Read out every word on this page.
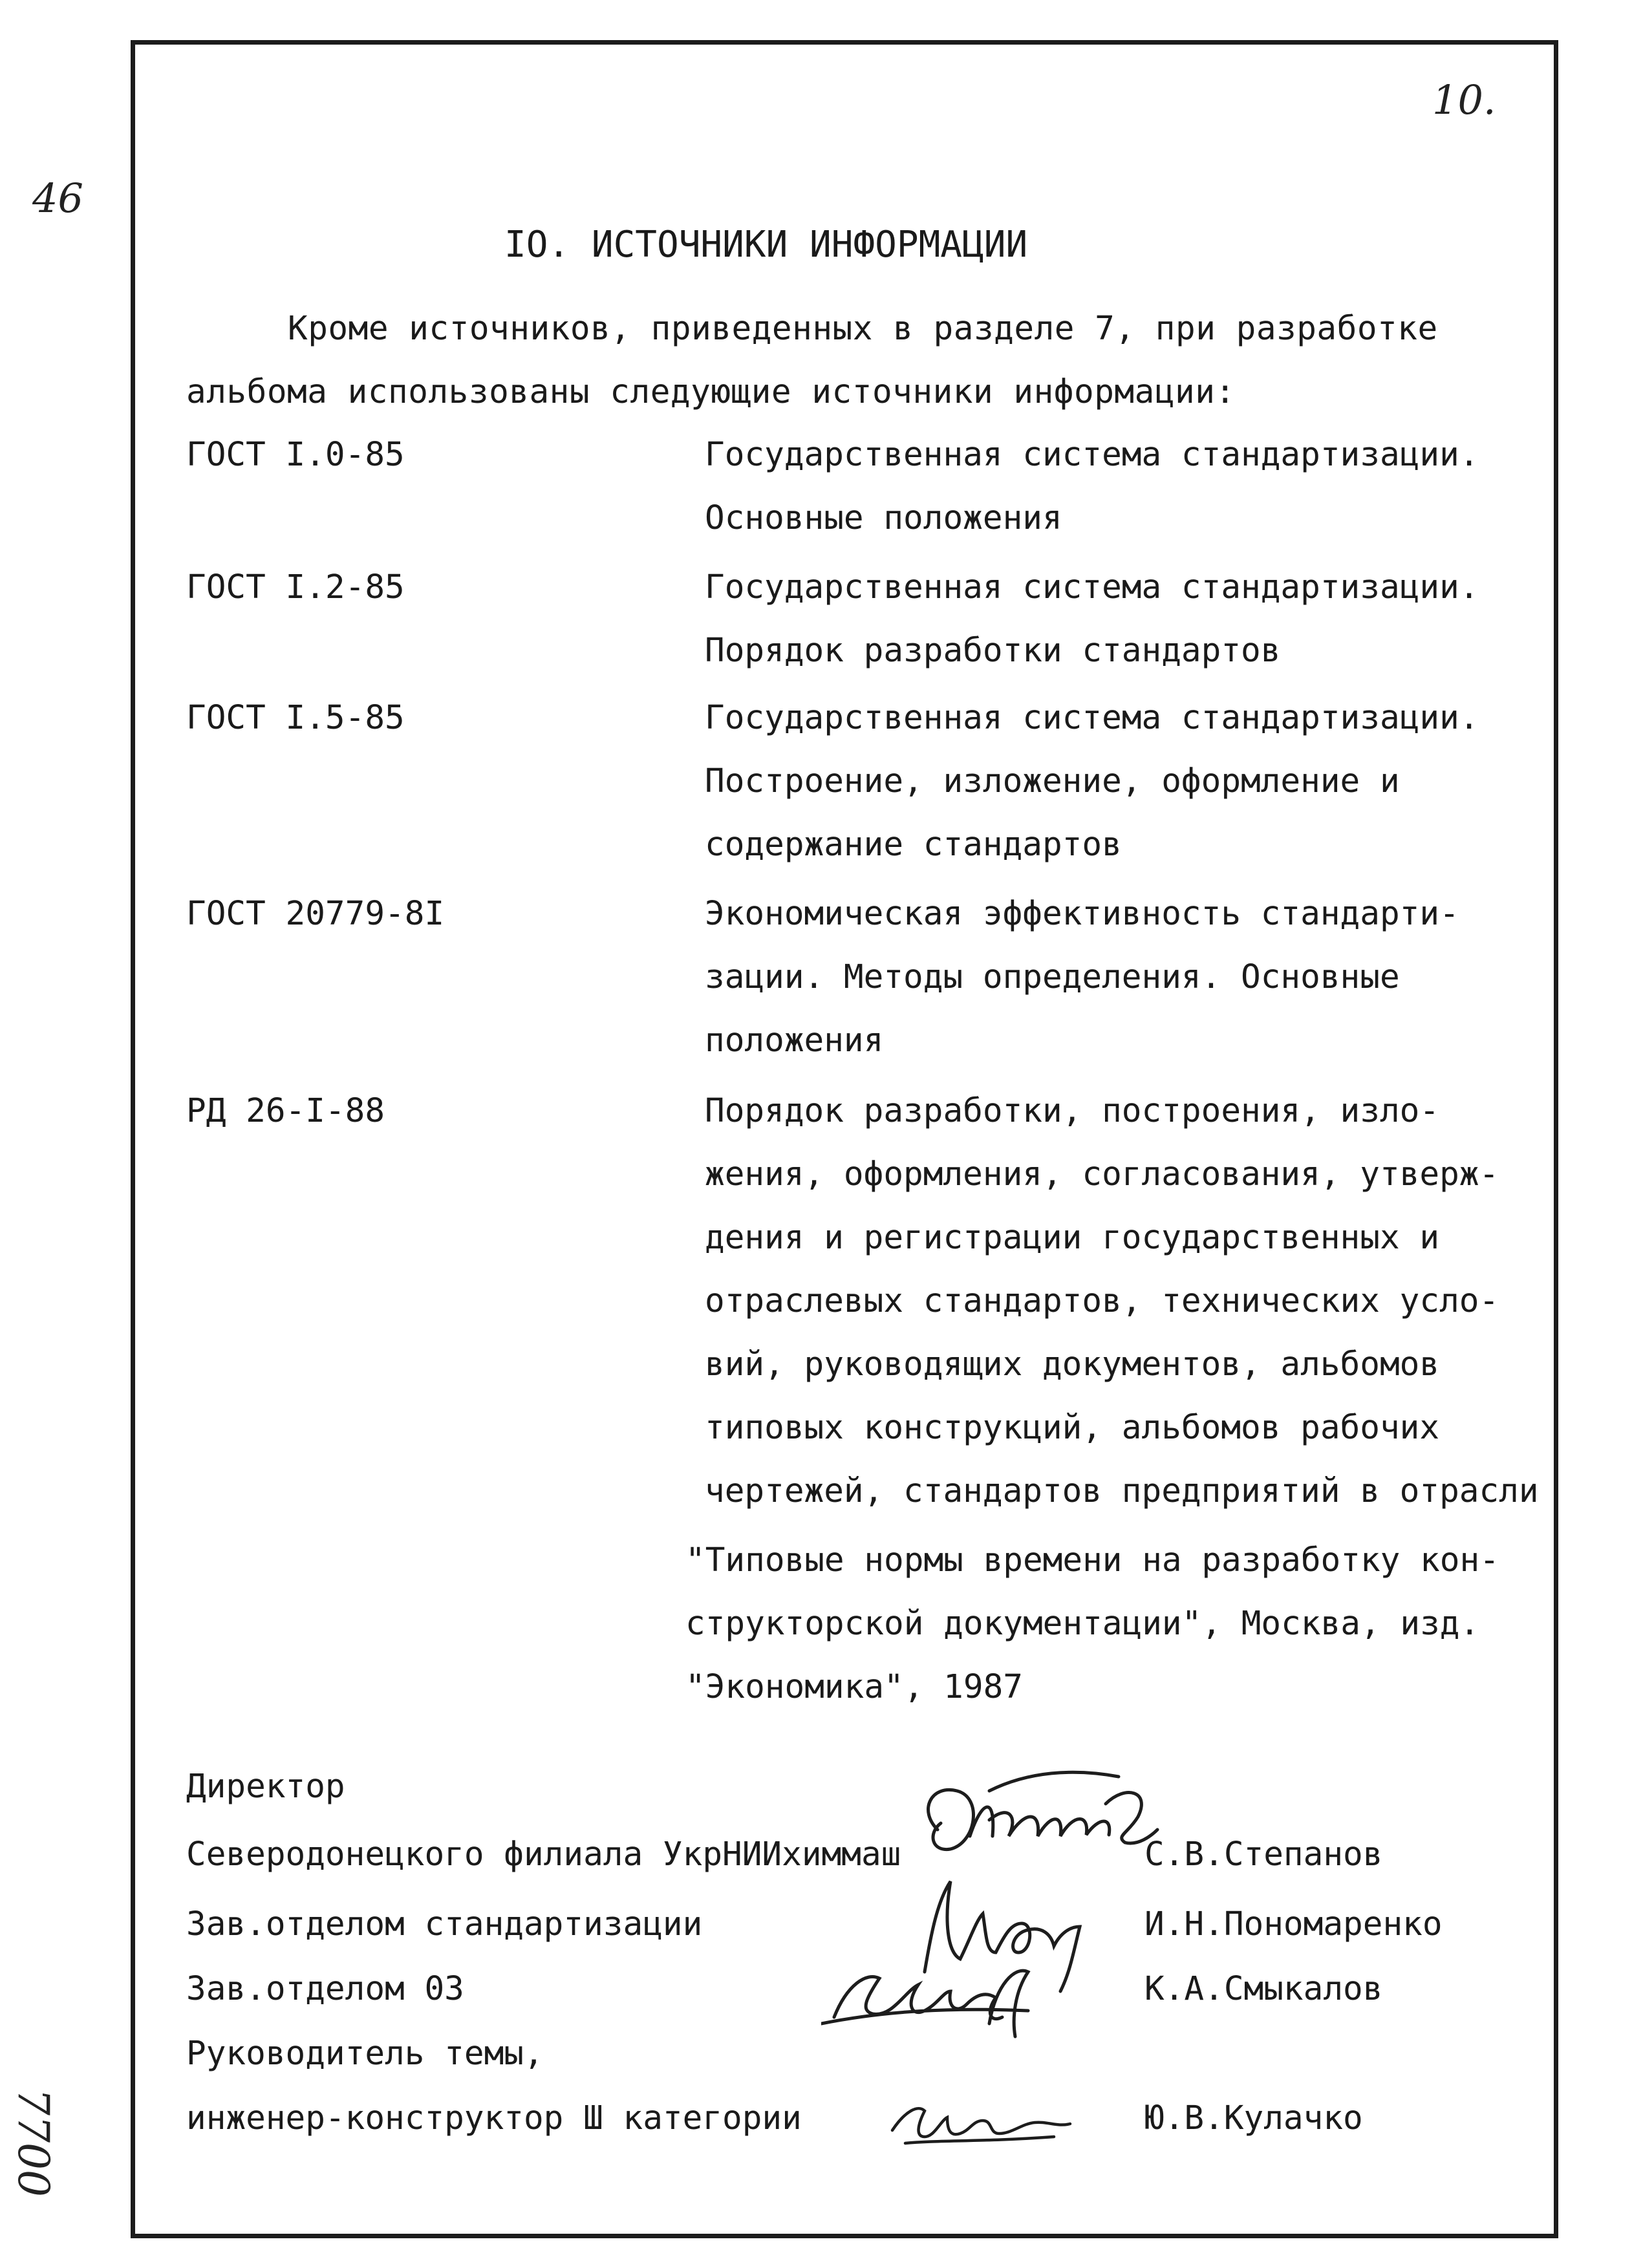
46
7700
10.
IO. ИСТОЧНИКИ ИНФОРМАЦИИ
Кроме источников, приведенных в разделе 7, при разработке
альбома использованы следующие источники информации:
ГОСТ I.0-85	Государственная система стандартизации.
Основные положения
ГОСТ I.2-85	Государственная система стандартизации.
Порядок разработки стандартов
ГОСТ I.5-85	Государственная система стандартизации.
Построение, изложение, оформление и
содержание стандартов
ГОСТ 20779-8I	Экономическая эффективность стандарти-
зации. Методы определения. Основные
положения
РД 26-I-88	Порядок разработки, построения, изло-
жения, оформления, согласования, утверж-
дения и регистрации государственных и
отраслевых стандартов, технических усло-
вий, руководящих документов, альбомов
типовых конструкций, альбомов рабочих
чертежей, стандартов предприятий в отрасли
"Типовые нормы времени на разработку кон-
структорской документации", Москва, изд.
"Экономика", 1987
Директор
Северодонецкого филиала УкрНИИхиммаш	С.В.Степанов
Зав.отделом стандартизации	И.Н.Пономаренко
Зав.отделом 03	К.А.Смыкалов
Руководитель темы,
инженер-конструктор Ш категории	Ю.В.Кулачко
